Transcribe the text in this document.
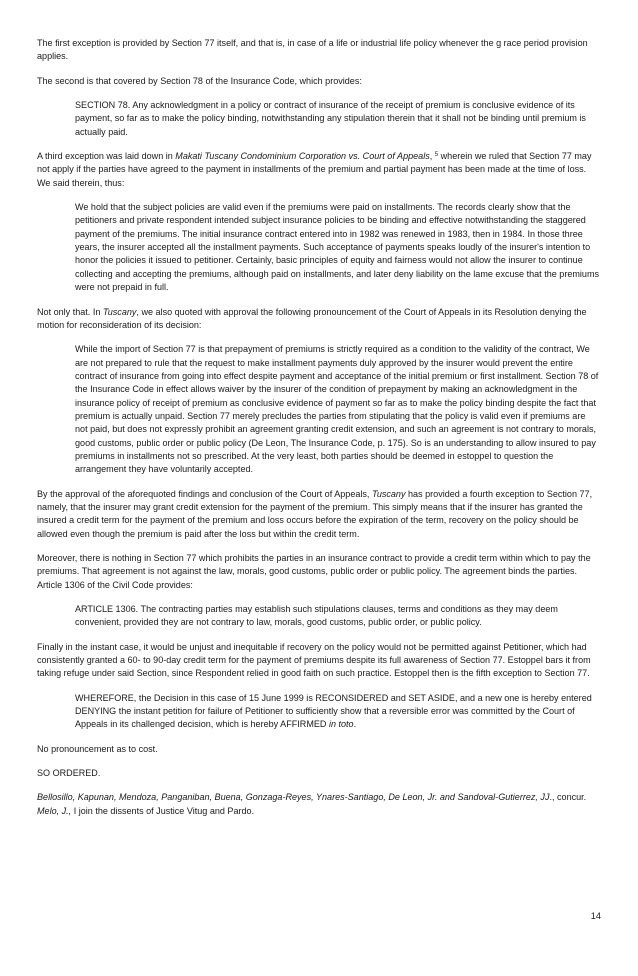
The first exception is provided by Section 77 itself, and that is, in case of a life or industrial life policy whenever the g race period provision applies.

The second is that covered by Section 78 of the Insurance Code, which provides:

SECTION 78. Any acknowledgment in a policy or contract of insurance of the receipt of premium is conclusive evidence of its payment, so far as to make the policy binding, notwithstanding any stipulation therein that it shall not be binding until premium is actually paid.

A third exception was laid down in Makati Tuscany Condominium Corporation vs. Court of Appeals, $^5$ wherein we ruled that Section 77 may not apply if the parties have agreed to the payment in installments of the premium and partial payment has been made at the time of loss. We said therein, thus:

We hold that the subject policies are valid even if the premiums were paid on installments. The records clearly show that the petitioners and private respondent intended subject insurance policies to be binding and effective notwithstanding the staggered payment of the premiums. The initial insurance contract entered into in 1982 was renewed in 1983, then in 1984. In those three years, the insurer accepted all the installment payments. Such acceptance of payments speaks loudly of the insurer's intention to honor the policies it issued to petitioner. Certainly, basic principles of equity and fairness would not allow the insurer to continue collecting and accepting the premiums, although paid on installments, and later deny liability on the lame excuse that the premiums were not prepaid in full.

Not only that. In Tuscany, we also quoted with approval the following pronouncement of the Court of Appeals in its Resolution denying the motion for reconsideration of its decision:

While the import of Section 77 is that prepayment of premiums is strictly required as a condition to the validity of the contract, We are not prepared to rule that the request to make installment payments duly approved by the insurer would prevent the entire contract of insurance from going into effect despite payment and acceptance of the initial premium or first installment. Section 78 of the Insurance Code in effect allows waiver by the insurer of the condition of prepayment by making an acknowledgment in the insurance policy of receipt of premium as conclusive evidence of payment so far as to make the policy binding despite the fact that premium is actually unpaid. Section 77 merely precludes the parties from stipulating that the policy is valid even if premiums are not paid, but does not expressly prohibit an agreement granting credit extension, and such an agreement is not contrary to morals, good customs, public order or public policy (De Leon, The Insurance Code, p. 175). So is an understanding to allow insured to pay premiums in installments not so prescribed. At the very least, both parties should be deemed in estoppel to question the arrangement they have voluntarily accepted.

By the approval of the aforequoted findings and conclusion of the Court of Appeals, Tuscany has provided a fourth exception to Section 77, namely, that the insurer may grant credit extension for the payment of the premium. This simply means that if the insurer has granted the insured a credit term for the payment of the premium and loss occurs before the expiration of the term, recovery on the policy should be allowed even though the premium is paid after the loss but within the credit term.

Moreover, there is nothing in Section 77 which prohibits the parties in an insurance contract to provide a credit term within which to pay the premiums. That agreement is not against the law, morals, good customs, public order or public policy. The agreement binds the parties. Article 1306 of the Civil Code provides:

ARTICLE 1306. The contracting parties may establish such stipulations clauses, terms and conditions as they may deem convenient, provided they are not contrary to law, morals, good customs, public order, or public policy.

Finally in the instant case, it would be unjust and inequitable if recovery on the policy would not be permitted against Petitioner, which had consistently granted a 60- to 90-day credit term for the payment of premiums despite its full awareness of Section 77. Estoppel bars it from taking refuge under said Section, since Respondent relied in good faith on such practice. Estoppel then is the fifth exception to Section 77.

WHEREFORE, the Decision in this case of 15 June 1999 is RECONSIDERED and SET ASIDE, and a new one is hereby entered DENYING the instant petition for failure of Petitioner to sufficiently show that a reversible error was committed by the Court of Appeals in its challenged decision, which is hereby AFFIRMED in toto.

No pronouncement as to cost.

SO ORDERED.

Bellosillo, Kapunan, Mendoza, Panganiban, Buena, Gonzaga-Reyes, Ynares-Santiago, De Leon, Jr. and Sandoval-Gutierrez, JJ., concur.

Melo, J., I join the dissents of Justice Vitug and Pardo.

14
